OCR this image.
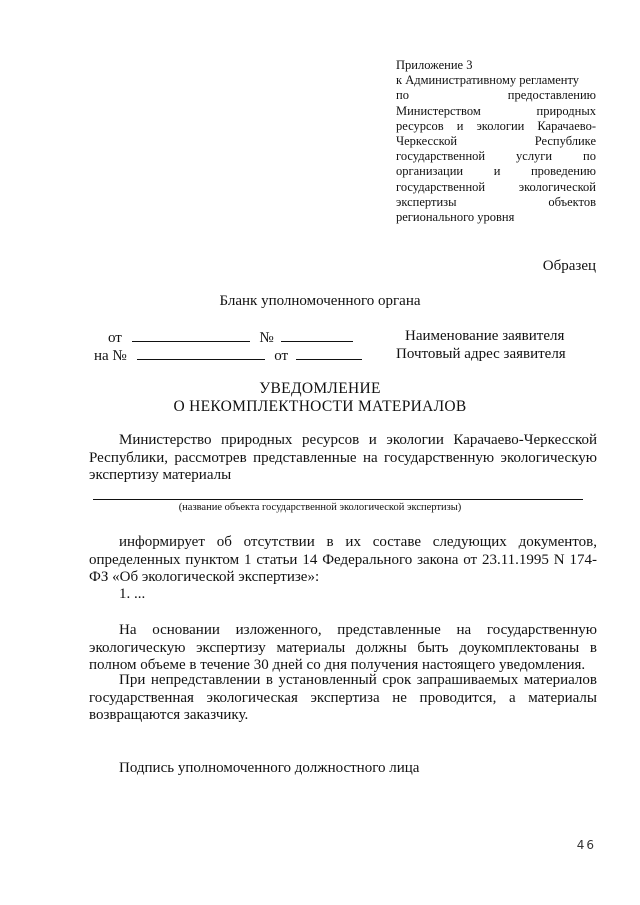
Приложение 3
к Административному регламенту
по предоставлению
Министерством природных
ресурсов и экологии Карачаево-
Черкесской Республике
государственной услуги по
организации и проведению
государственной экологической
экспертизы объектов
регионального уровня
Образец
Бланк уполномоченного органа
от	№	Наименование заявителя
на №	от	Почтовый адрес заявителя
УВЕДОМЛЕНИЕ
О НЕКОМПЛЕКТНОСТИ МАТЕРИАЛОВ
Министерство природных ресурсов и экологии Карачаево-Черкесской Республики, рассмотрев представленные на государственную экологическую экспертизу материалы
(название объекта государственной экологической экспертизы)
информирует об отсутствии в их составе следующих документов, определенных пунктом 1 статьи 14 Федерального закона от 23.11.1995 N 174-ФЗ «Об экологической экспертизе»:
1. ...
На основании изложенного, представленные на государственную экологическую экспертизу материалы должны быть доукомплектованы в полном объеме в течение 30 дней со дня получения настоящего уведомления.
При непредставлении в установленный срок запрашиваемых материалов государственная экологическая экспертиза не проводится, а материалы возвращаются заказчику.
Подпись уполномоченного должностного лица
46
